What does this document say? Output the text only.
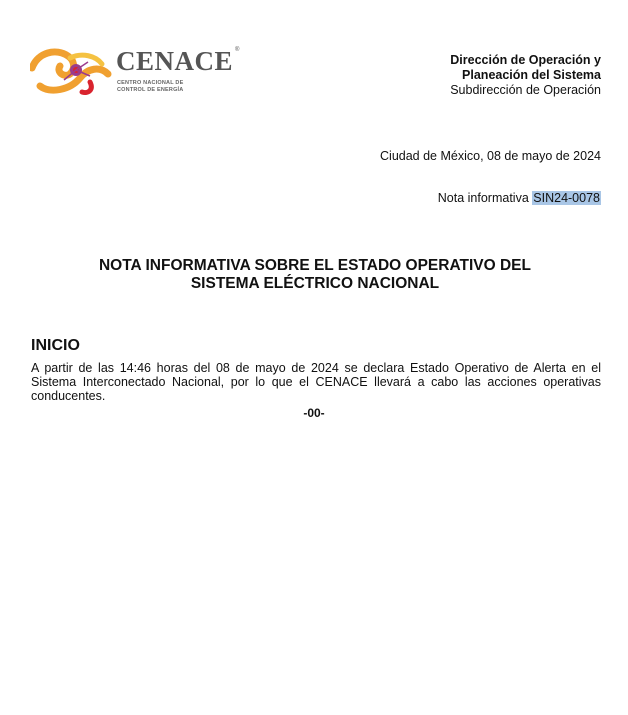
CENACE ®
CENTRO NACIONAL DE
CONTROL DE ENERGÍA
Dirección de Operación y
Planeación del Sistema
Subdirección de Operación
Ciudad de México, 08 de mayo de 2024
Nota informativa SIN24-0078
NOTA INFORMATIVA SOBRE EL ESTADO OPERATIVO DEL
SISTEMA ELÉCTRICO NACIONAL
INICIO
A partir de las 14:46 horas del 08 de mayo de 2024 se declara Estado Operativo de Alerta en el Sistema Interconectado Nacional, por lo que el CENACE llevará a cabo las acciones operativas conducentes.
-00-
